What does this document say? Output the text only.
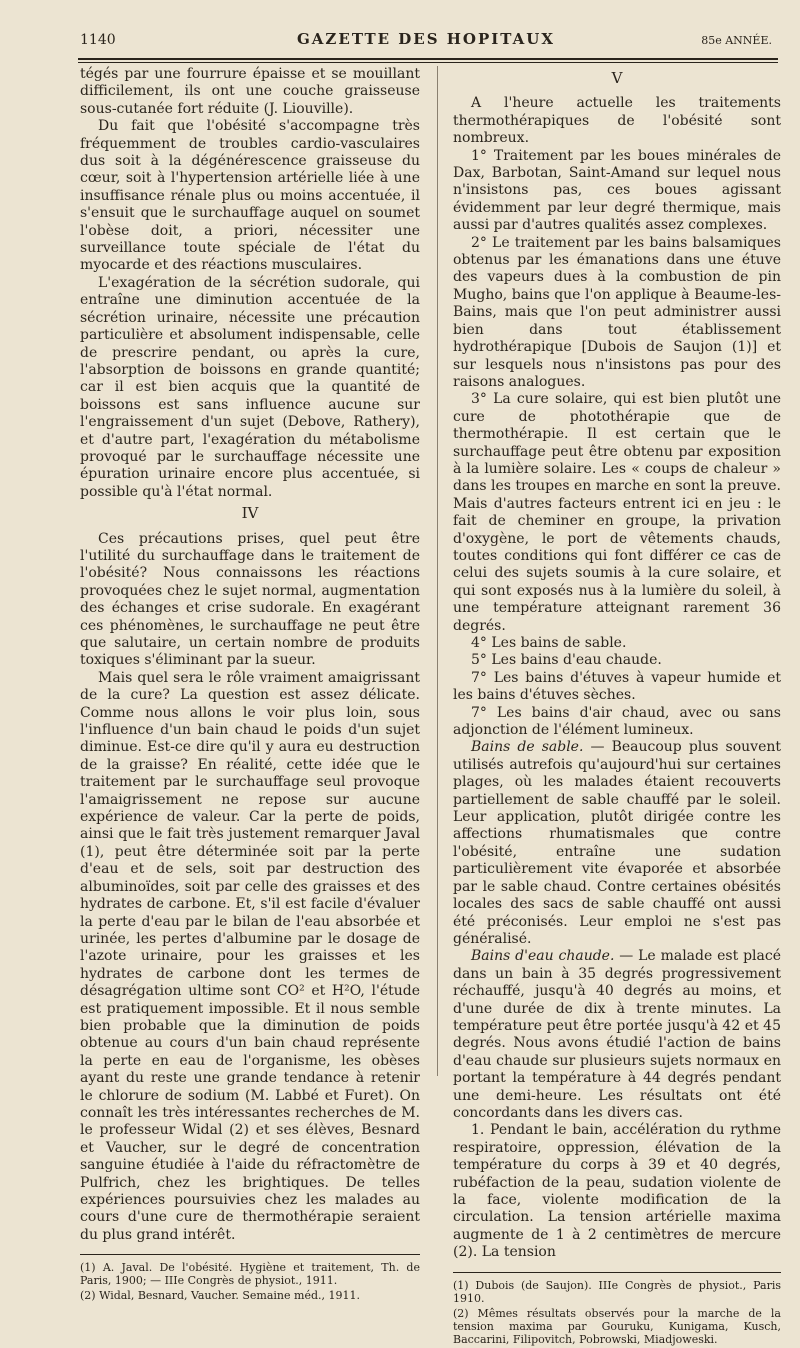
1140	GAZETTE DES HOPITAUX	85e ANNÉE.

tégés par une fourrure épaisse et se mouillant difficilement, ils ont une couche graisseuse sous-cutanée fort réduite (J. Liouville).

Du fait que l'obésité s'accompagne très fréquemment de troubles cardio-vasculaires dus soit à la dégénérescence graisseuse du cœur, soit à l'hypertension artérielle liée à une insuffisance rénale plus ou moins accentuée, il s'ensuit que le surchauffage auquel on soumet l'obèse doit, a priori, nécessiter une surveillance toute spéciale de l'état du myocarde et des réactions musculaires.

L'exagération de la sécrétion sudorale, qui entraîne une diminution accentuée de la sécrétion urinaire, nécessite une précaution particulière et absolument indispensable, celle de prescrire pendant, ou après la cure, l'absorption de boissons en grande quantité; car il est bien acquis que la quantité de boissons est sans influence aucune sur l'engraissement d'un sujet (Debove, Rathery), et d'autre part, l'exagération du métabolisme provoqué par le surchauffage nécessite une épuration urinaire encore plus accentuée, si possible qu'à l'état normal.

IV

Ces précautions prises, quel peut être l'utilité du surchauffage dans le traitement de l'obésité? Nous connaissons les réactions provoquées chez le sujet normal, augmentation des échanges et crise sudorale. En exagérant ces phénomènes, le surchauffage ne peut être que salutaire, un certain nombre de produits toxiques s'éliminant par la sueur.

Mais quel sera le rôle vraiment amaigrissant de la cure? La question est assez délicate. Comme nous allons le voir plus loin, sous l'influence d'un bain chaud le poids d'un sujet diminue. Est-ce dire qu'il y aura eu destruction de la graisse? En réalité, cette idée que le traitement par le surchauffage seul provoque l'amaigrissement ne repose sur aucune expérience de valeur. Car la perte de poids, ainsi que le fait très justement remarquer Javal (1), peut être déterminée soit par la perte d'eau et de sels, soit par destruction des albuminoïdes, soit par celle des graisses et des hydrates de carbone. Et, s'il est facile d'évaluer la perte d'eau par le bilan de l'eau absorbée et urinée, les pertes d'albumine par le dosage de l'azote urinaire, pour les graisses et les hydrates de carbone dont les termes de désagrégation ultime sont CO² et H²O, l'étude est pratiquement impossible. Et il nous semble bien probable que la diminution de poids obtenue au cours d'un bain chaud représente la perte en eau de l'organisme, les obèses ayant du reste une grande tendance à retenir le chlorure de sodium (M. Labbé et Furet). On connaît les très intéressantes recherches de M. le professeur Widal (2) et ses élèves, Besnard et Vaucher, sur le degré de concentration sanguine étudiée à l'aide du réfractomètre de Pulfrich, chez les brightiques. De telles expériences poursuivies chez les malades au cours d'une cure de thermothérapie seraient du plus grand intérêt.

(1) A. Javal. De l'obésité. Hygiène et traitement, Th. de Paris, 1900; — IIIe Congrès de physiot., 1911.
(2) Widal, Besnard, Vaucher. Semaine méd., 1911.
V

A l'heure actuelle les traitements thermothérapiques de l'obésité sont nombreux.

1° Traitement par les boues minérales de Dax, Barbotan, Saint-Amand sur lequel nous n'insistons pas, ces boues agissant évidemment par leur degré thermique, mais aussi par d'autres qualités assez complexes.

2° Le traitement par les bains balsamiques obtenus par les émanations dans une étuve des vapeurs dues à la combustion de pin Mugho, bains que l'on applique à Beaume-les-Bains, mais que l'on peut administrer aussi bien dans tout établissement hydrothérapique [Dubois de Saujon (1)] et sur lesquels nous n'insistons pas pour des raisons analogues.

3° La cure solaire, qui est bien plutôt une cure de photothérapie que de thermothérapie. Il est certain que le surchauffage peut être obtenu par exposition à la lumière solaire. Les « coups de chaleur » dans les troupes en marche en sont la preuve. Mais d'autres facteurs entrent ici en jeu : le fait de cheminer en groupe, la privation d'oxygène, le port de vêtements chauds, toutes conditions qui font différer ce cas de celui des sujets soumis à la cure solaire, et qui sont exposés nus à la lumière du soleil, à une température atteignant rarement 36 degrés.

4° Les bains de sable.

5° Les bains d'eau chaude.

7° Les bains d'étuves à vapeur humide et les bains d'étuves sèches.

7° Les bains d'air chaud, avec ou sans adjonction de l'élément lumineux.

Bains de sable. — Beaucoup plus souvent utilisés autrefois qu'aujourd'hui sur certaines plages, où les malades étaient recouverts partiellement de sable chauffé par le soleil. Leur application, plutôt dirigée contre les affections rhumatismales que contre l'obésité, entraîne une sudation particulièrement vite évaporée et absorbée par le sable chaud. Contre certaines obésités locales des sacs de sable chauffé ont aussi été préconisés. Leur emploi ne s'est pas généralisé.

Bains d'eau chaude. — Le malade est placé dans un bain à 35 degrés progressivement réchauffé, jusqu'à 40 degrés au moins, et d'une durée de dix à trente minutes. La température peut être portée jusqu'à 42 et 45 degrés. Nous avons étudié l'action de bains d'eau chaude sur plusieurs sujets normaux en portant la température à 44 degrés pendant une demi-heure. Les résultats ont été concordants dans les divers cas.

1. Pendant le bain, accélération du rythme respiratoire, oppression, élévation de la température du corps à 39 et 40 degrés, rubéfaction de la peau, sudation violente de la face, violente modification de la circulation. La tension artérielle maxima augmente de 1 à 2 centimètres de mercure (2). La tension

(1) Dubois (de Saujon). IIIe Congrès de physiot., Paris 1910.
(2) Mêmes résultats observés pour la marche de la tension maxima par Gouruku, Kunigama, Kusch, Baccarini, Filipovitch, Pobrowski, Miadjoweski.
